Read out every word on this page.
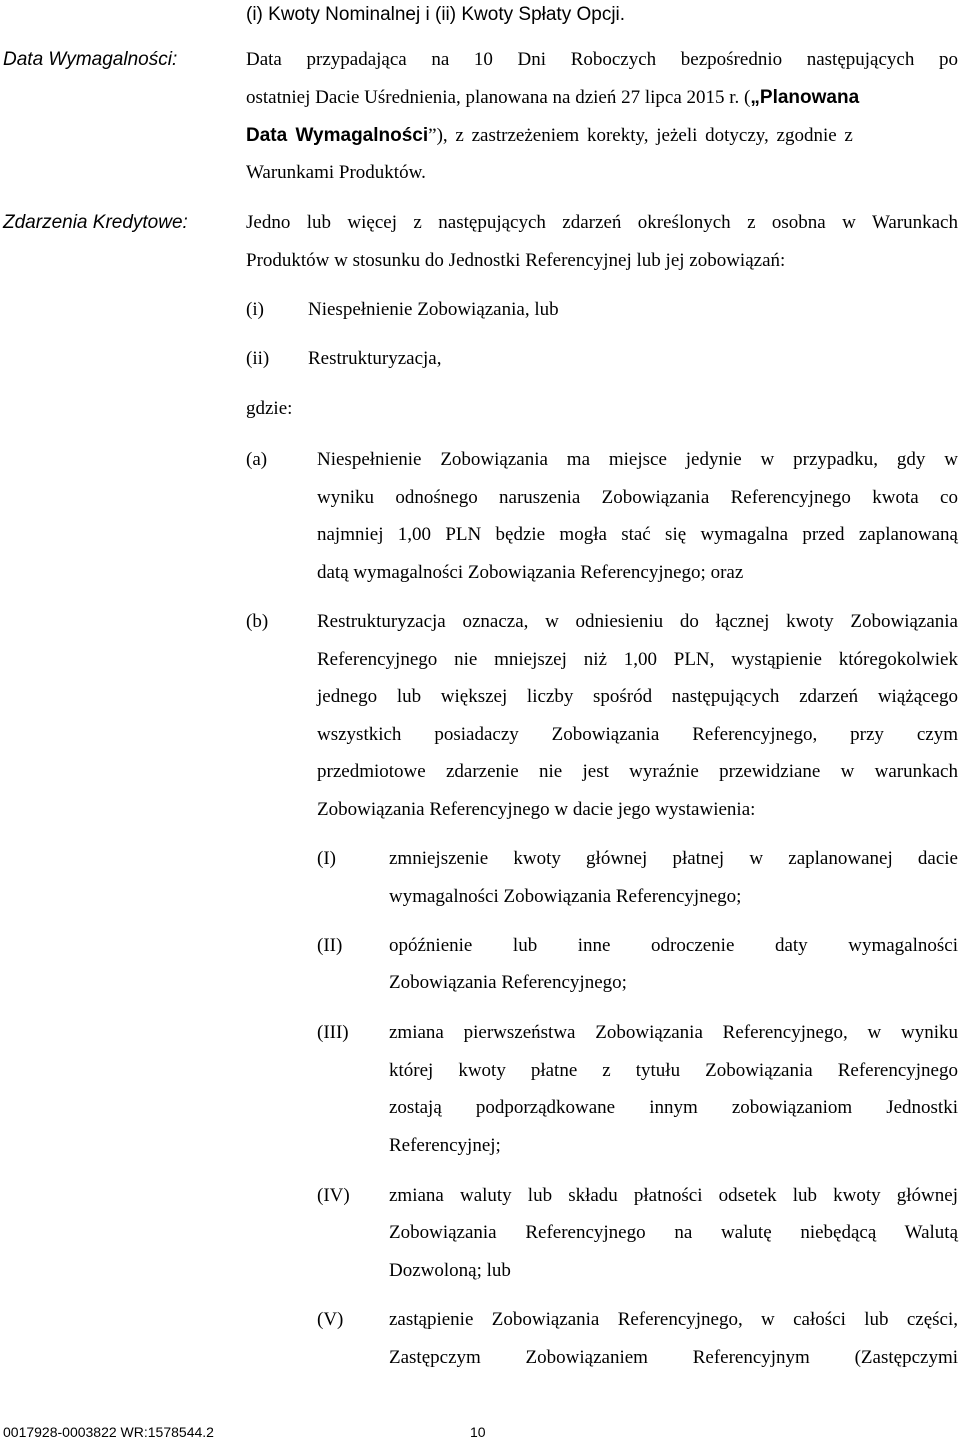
(i) Kwoty Nominalnej i (ii) Kwoty Spłaty Opcji.
Data Wymagalności:	Data przypadająca na 10 Dni Roboczych bezpośrednio następujących po
ostatniej Dacie Uśrednienia, planowana na dzień 27 lipca 2015 r. („Planowana
Data Wymagalności”), z zastrzeżeniem korekty, jeżeli dotyczy, zgodnie z
Warunkami Produktów.
Zdarzenia Kredytowe:	Jedno lub więcej z następujących zdarzeń określonych z osobna w Warunkach
Produktów w stosunku do Jednostki Referencyjnej lub jej zobowiązań:
(i) Niespełnienie Zobowiązania, lub
(ii) Restrukturyzacja,
gdzie:
(a)	Niespełnienie Zobowiązania ma miejsce jedynie w przypadku, gdy w
wyniku odnośnego naruszenia Zobowiązania Referencyjnego kwota co
najmniej 1,00 PLN będzie mogła stać się wymagalna przed zaplanowaną
datą wymagalności Zobowiązania Referencyjnego; oraz
(b)	Restrukturyzacja oznacza, w odniesieniu do łącznej kwoty Zobowiązania
Referencyjnego nie mniejszej niż 1,00 PLN, wystąpienie któregokolwiek
jednego lub większej liczby spośród następujących zdarzeń wiążącego
wszystkich posiadaczy Zobowiązania Referencyjnego, przy czym
przedmiotowe zdarzenie nie jest wyraźnie przewidziane w warunkach
Zobowiązania Referencyjnego w dacie jego wystawienia:
(I)	zmniejszenie kwoty głównej płatnej w zaplanowanej dacie
wymagalności Zobowiązania Referencyjnego;
(II) opóźnienie lub inne odroczenie daty wymagalności
Zobowiązania Referencyjnego;
(III) zmiana pierwszeństwa Zobowiązania Referencyjnego, w wyniku
której kwoty płatne z tytułu Zobowiązania Referencyjnego
zostają podporządkowane innym zobowiązaniom Jednostki
Referencyjnej;
(IV) zmiana waluty lub składu płatności odsetek lub kwoty głównej
Zobowiązania Referencyjnego na walutę niebędącą Walutą
Dozwoloną; lub
(V) zastąpienie Zobowiązania Referencyjnego, w całości lub części,
Zastępczym Zobowiązaniem Referencyjnym (Zastępczymi
0017928-0003822 WR:1578544.2	10
